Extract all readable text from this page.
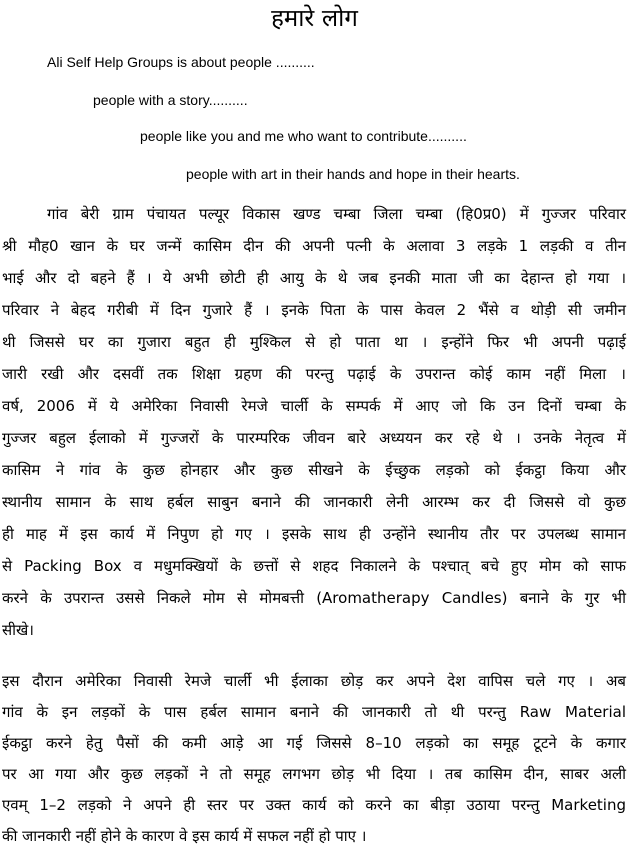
हमारे लोग
Ali Self Help Groups is about people ..........
people with a story..........
people like you and me who want to contribute..........
people with art in their hands and hope in their hearts.
गांव बेरी ग्राम पंचायत पल्यूर विकास खण्ड चम्बा जिला चम्बा (हि0प्र0) में गुज्जर परिवार
श्री मौह0 खान के घर जन्में कासिम दीन की अपनी पत्नी के अलावा 3 लड़के 1 लड़की व तीन
भाई और दो बहने हैं । ये अभी छोटी ही आयु के थे जब इनकी माता जी का देहान्त हो गया ।
परिवार ने बेहद गरीबी में दिन गुजारे हैं । इनके पिता के पास केवल 2 भैंसे व थोड़ी सी जमीन
थी जिससे घर का गुजारा बहुत ही मुश्किल से हो पाता था । इन्होंने फिर भी अपनी पढ़ाई
जारी रखी और दसवीं तक शिक्षा ग्रहण की परन्तु पढ़ाई के उपरान्त कोई काम नहीं मिला ।
वर्ष, 2006 में ये अमेरिका निवासी रेमजे चार्ली के सम्पर्क में आए जो कि उन दिनों चम्बा के
गुज्जर बहुल ईलाको में गुज्जरों के पारम्परिक जीवन बारे अध्ययन कर रहे थे । उनके नेतृत्व में
कासिम ने गांव के कुछ होनहार और कुछ सीखने के ईच्छुक लड़को को ईकट्ठा किया और
स्थानीय सामान के साथ हर्बल साबुन बनाने की जानकारी लेनी आरम्भ कर दी जिससे वो कुछ
ही माह में इस कार्य में निपुण हो गए । इसके साथ ही उन्होंने स्थानीय तौर पर उपलब्ध सामान
से Packing Box व मधुमक्खियों के छत्तों से शहद निकालने के पश्चात् बचे हुए मोम को साफ
करने के उपरान्त उससे निकले मोम से मोमबत्ती (Aromatherapy Candles) बनाने के गुर भी
सीखे।
इस दौरान अमेरिका निवासी रेमजे चार्ली भी ईलाका छोड़ कर अपने देश वापिस चले गए । अब
गांव के इन लड़कों के पास हर्बल सामान बनाने की जानकारी तो थी परन्तु Raw Material
ईकट्ठा करने हेतु पैसों की कमी आड़े आ गई जिससे 8–10 लड़को का समूह टूटने के कगार
पर आ गया और कुछ लड़कों ने तो समूह लगभग छोड़ भी दिया । तब कासिम दीन, साबर अली
एवम् 1–2 लड़को ने अपने ही स्तर पर उक्त कार्य को करने का बीड़ा उठाया परन्तु Marketing
की जानकारी नहीं होने के कारण वे इस कार्य में सफल नहीं हो पाए ।
